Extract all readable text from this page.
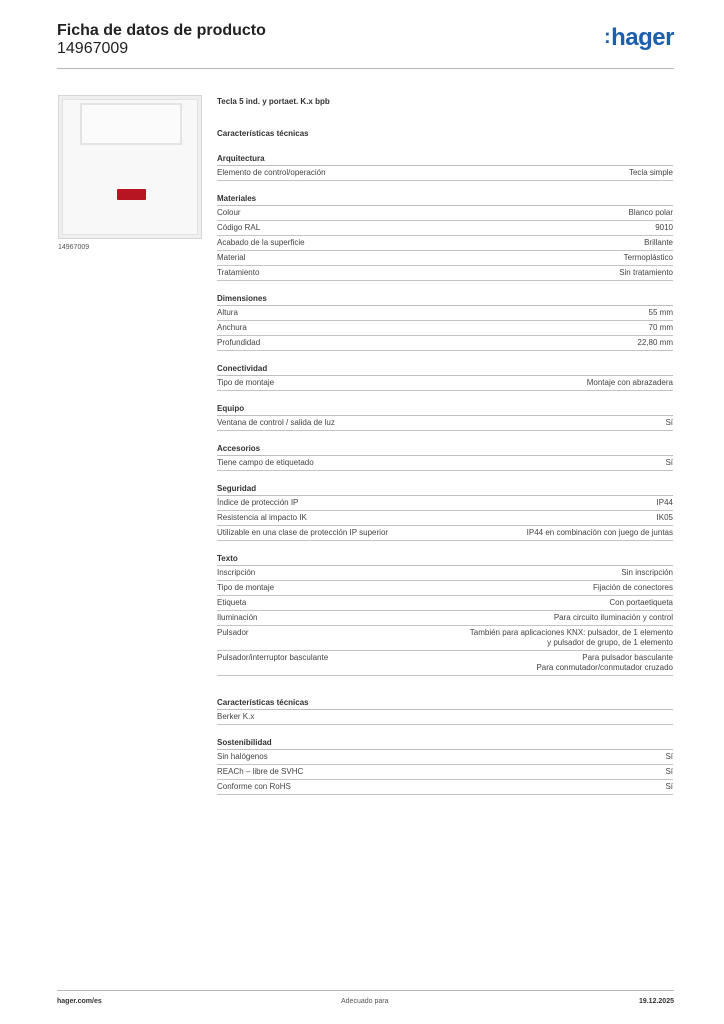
Ficha de datos de producto
14967009
:hager
14967009
Tecla 5 ind. y portaet. K.x bpb
Características técnicas
Arquitectura
Elemento de control/operación	Tecla simple
Materiales
Colour	Blanco polar
Código RAL	9010
Acabado de la superficie	Brillante
Material	Termoplástico
Tratamiento	Sin tratamiento
Dimensiones
Altura	55 mm
Anchura	70 mm
Profundidad	22,80 mm
Conectividad
Tipo de montaje	Montaje con abrazadera
Equipo
Ventana de control / salida de luz	Sí
Accesorios
Tiene campo de etiquetado	Sí
Seguridad
Índice de protección IP	IP44
Resistencia al impacto IK	IK05
Utilizable en una clase de protección IP superior	IP44 en combinación con juego de juntas
Texto
Inscripción	Sin inscripción
Tipo de montaje	Fijación de conectores
Etiqueta	Con portaetiqueta
Iluminación	Para circuito iluminación y control
Pulsador	También para aplicaciones KNX: pulsador, de 1 elemento
y pulsador de grupo, de 1 elemento
Pulsador/interruptor basculante	Para pulsador basculante
Para conmutador/conmutador cruzado
Características técnicas
Berker K.x
Sostenibilidad
Sin halógenos	Sí
REACh – libre de SVHC	Sí
Conforme con RoHS	Sí
hager.com/es	Adecuado para	19.12.2025
